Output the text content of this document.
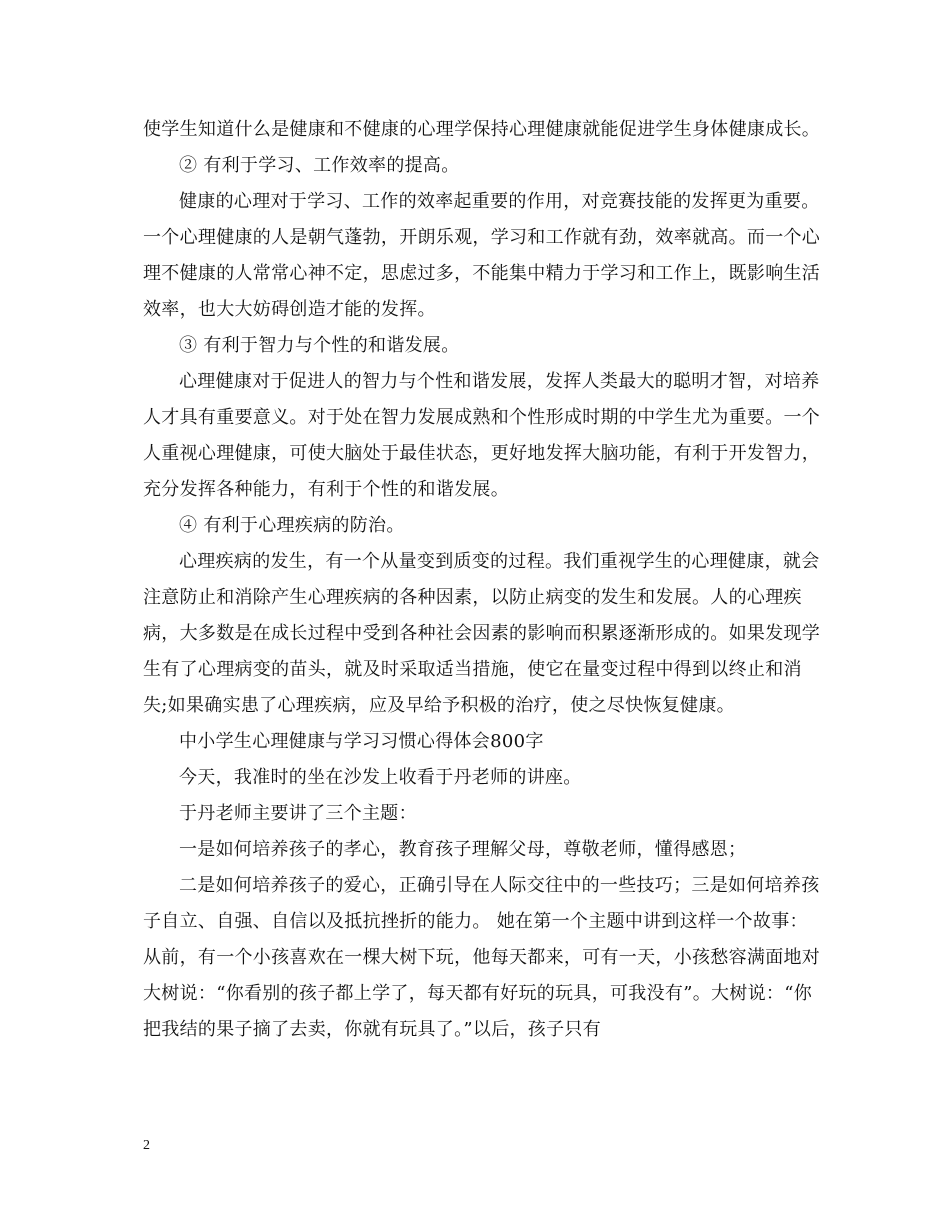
使学生知道什么是健康和不健康的心理学保持心理健康就能促进学生身体健康成长。

② 有利于学习、工作效率的提高。

健康的心理对于学习、工作的效率起重要的作用，对竞赛技能的发挥更为重要。一个心理健康的人是朝气蓬勃，开朗乐观，学习和工作就有劲，效率就高。而一个心理不健康的人常常心神不定，思虑过多，不能集中精力于学习和工作上，既影响生活效率，也大大妨碍创造才能的发挥。

③ 有利于智力与个性的和谐发展。

心理健康对于促进人的智力与个性和谐发展，发挥人类最大的聪明才智，对培养人才具有重要意义。对于处在智力发展成熟和个性形成时期的中学生尤为重要。一个人重视心理健康，可使大脑处于最佳状态，更好地发挥大脑功能，有利于开发智力，充分发挥各种能力，有利于个性的和谐发展。

④ 有利于心理疾病的防治。

心理疾病的发生，有一个从量变到质变的过程。我们重视学生的心理健康，就会注意防止和消除产生心理疾病的各种因素，以防止病变的发生和发展。人的心理疾病，大多数是在成长过程中受到各种社会因素的影响而积累逐渐形成的。如果发现学生有了心理病变的苗头，就及时采取适当措施，使它在量变过程中得到以终止和消失;如果确实患了心理疾病，应及早给予积极的治疗，使之尽快恢复健康。

中小学生心理健康与学习习惯心得体会800字

今天，我准时的坐在沙发上收看于丹老师的讲座。

于丹老师主要讲了三个主题：

一是如何培养孩子的孝心，教育孩子理解父母，尊敬老师，懂得感恩；

二是如何培养孩子的爱心，正确引导在人际交往中的一些技巧；三是如何培养孩子自立、自强、自信以及抵抗挫折的能力。 她在第一个主题中讲到这样一个故事：从前，有一个小孩喜欢在一棵大树下玩，他每天都来，可有一天，小孩愁容满面地对大树说：“你看别的孩子都上学了，每天都有好玩的玩具，可我没有”。大树说：“你把我结的果子摘了去卖，你就有玩具了。”以后，孩子只有

2
